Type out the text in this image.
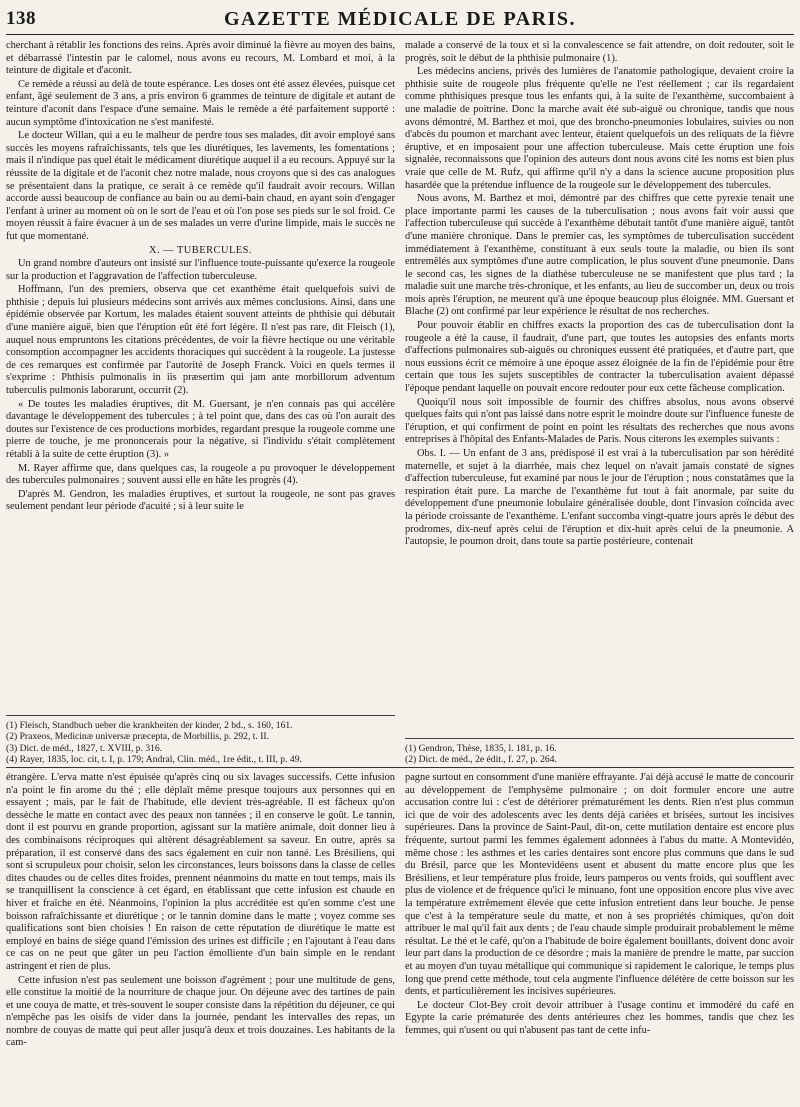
138	GAZETTE MÉDICALE DE PARIS.

cherchant à rétablir les fonctions des reins. Après avoir diminué la fièvre au moyen des bains, et débarrassé l'intestin par le calomel, nous avons eu recours, M. Lombard et moi, à la teinture de digitale et d'aconit.

Ce remède a réussi au delà de toute espérance. Les doses ont été assez élevées, puisque cet enfant, âgé seulement de 3 ans, a pris environ 6 grammes de teinture de digitale et autant de teinture d'aconit dans l'espace d'une semaine. Mais le remède a été parfaitement supporté : aucun symptôme d'intoxication ne s'est manifesté.

Le docteur Willan, qui a eu le malheur de perdre tous ses malades, dit avoir employé sans succès les moyens rafraîchissants, tels que les diurétiques, les lavements, les fomentations ; mais il n'indique pas quel était le médicament diurétique auquel il a eu recours. Appuyé sur la réussite de la digitale et de l'aconit chez notre malade, nous croyons que si des cas analogues se présentaient dans la pratique, ce serait à ce remède qu'il faudrait avoir recours. Willan accorde aussi beaucoup de confiance au bain ou au demi-bain chaud, en ayant soin d'engager l'enfant à uriner au moment où on le sort de l'eau et où l'on pose ses pieds sur le sol froid. Ce moyen réussit à faire évacuer à un de ses malades un verre d'urine limpide, mais le succès ne fut que momentané.

X. — TUBERCULES.

Un grand nombre d'auteurs ont insisté sur l'influence toute-puissante qu'exerce la rougeole sur la production et l'aggravation de l'affection tuberculeuse.

Hoffmann, l'un des premiers, observa que cet exanthème était quelquefois suivi de phthisie ; depuis lui plusieurs médecins sont arrivés aux mêmes conclusions. Ainsi, dans une épidémie observée par Kortum, les malades étaient souvent atteints de phthisie qui débutait d'une manière aiguë, bien que l'éruption eût été fort légère. Il n'est pas rare, dit Fleisch (1), auquel nous empruntons les citations précédentes, de voir la fièvre hectique ou une véritable consomption accompagner les accidents thoraciques qui succèdent à la rougeole. La justesse de ces remarques est confirmée par l'autorité de Joseph Franck. Voici en quels termes il s'exprime : Phthisis pulmonalis in iis præsertim qui jam ante morbillorum adventum tuberculis pulmonis laborarunt, occurrit (2).

« De toutes les maladies éruptives, dit M. Guersant, je n'en connais pas qui accélère davantage le développement des tubercules ; à tel point que, dans des cas où l'on aurait des doutes sur l'existence de ces productions morbides, regardant presque la rougeole comme une pierre de touche, je me prononcerais pour la négative, si l'individu s'était complètement rétabli à la suite de cette éruption (3). »

M. Rayer affirme que, dans quelques cas, la rougeole a pu provoquer le développement des tubercules pulmonaires ; souvent aussi elle en hâte les progrès (4).

D'après M. Gendron, les maladies éruptives, et surtout la rougeole, ne sont pas graves seulement pendant leur période d'acuité ; si à leur suite le

(1) Fleisch, Standbuch ueber die krankheiten der kinder, 2 bd., s. 160, 161.
(2) Praxeos, Medicinæ universæ præcepta, de Morbillis, p. 292, t. II.
(3) Dict. de méd., 1827, t. XVIII, p. 316.
(4) Rayer, 1835, loc. cit, t. I, p. 179; Andral, Clin. méd., 1re édit., t. III, p. 49.

malade a conservé de la toux et si la convalescence se fait attendre, on doit redouter, soit le progrès, soit le début de la phthisie pulmonaire (1).

Les médecins anciens, privés des lumières de l'anatomie pathologique, devaient croire la phthisie suite de rougeole plus fréquente qu'elle ne l'est réellement ; car ils regardaient comme phthisiques presque tous les enfants qui, à la suite de l'exanthème, succombaient à une maladie de poitrine. Donc la marche avait été sub-aiguë ou chronique, tandis que nous avons démontré, M. Barthez et moi, que des broncho-pneumonies lobulaires, suivies ou non d'abcès du poumon et marchant avec lenteur, étaient quelquefois un des reliquats de la fièvre éruptive, et en imposaient pour une affection tuberculeuse. Mais cette éruption une fois signalée, reconnaissons que l'opinion des auteurs dont nous avons cité les noms est bien plus vraie que celle de M. Rufz, qui affirme qu'il n'y a dans la science aucune proposition plus hasardée que la prétendue influence de la rougeole sur le développement des tubercules.

Nous avons, M. Barthez et moi, démontré par des chiffres que cette pyrexie tenait une place importante parmi les causes de la tuberculisation ; nous avons fait voir aussi que l'affection tuberculeuse qui succède à l'exanthème débutait tantôt d'une manière aiguë, tantôt d'une manière chronique. Dans le premier cas, les symptômes de tuberculisation succèdent immédiatement à l'exanthème, constituant à eux seuls toute la maladie, ou bien ils sont entremêlés aux symptômes d'une autre complication, le plus souvent d'une pneumonie. Dans le second cas, les signes de la diathèse tuberculeuse ne se manifestent que plus tard ; la maladie suit une marche très-chronique, et les enfants, au lieu de succomber un, deux ou trois mois après l'éruption, ne meurent qu'à une époque beaucoup plus éloignée. MM. Guersant et Blache (2) ont confirmé par leur expérience le résultat de nos recherches.

Pour pouvoir établir en chiffres exacts la proportion des cas de tuberculisation dont la rougeole a été la cause, il faudrait, d'une part, que toutes les autopsies des enfants morts d'affections pulmonaires sub-aiguës ou chroniques eussent été pratiquées, et d'autre part, que nous eussions écrit ce mémoire à une époque assez éloignée de la fin de l'épidémie pour être certain que tous les sujets susceptibles de contracter la tuberculisation avaient dépassé l'époque pendant laquelle on pouvait encore redouter pour eux cette fâcheuse complication.

Quoiqu'il nous soit impossible de fournir des chiffres absolus, nous avons observé quelques faits qui n'ont pas laissé dans notre esprit le moindre doute sur l'influence funeste de l'éruption, et qui confirment de point en point les résultats des recherches que nous avons entreprises à l'hôpital des Enfants-Malades de Paris. Nous citerons les exemples suivants :

Obs. I. — Un enfant de 3 ans, prédisposé il est vrai à la tuberculisation par son hérédité maternelle, et sujet à la diarrhée, mais chez lequel on n'avait jamais constaté de signes d'affection tuberculeuse, fut examiné par nous le jour de l'éruption ; nous constatâmes que la respiration était pure. La marche de l'exanthème fut tout à fait anormale, par suite du développement d'une pneumonie lobulaire généralisée double, dont l'invasion coïncida avec la période croissante de l'exanthème. L'enfant succomba vingt-quatre jours après le début des prodromes, dix-neuf après celui de l'éruption et dix-huit après celui de la pneumonie. A l'autopsie, le poumon droit, dans toute sa partie postérieure, contenait

(1) Gendron, Thèse, 1835, l. 181, p. 16.
(2) Dict. de méd., 2e édit., f. 27, p. 264.

étrangère. L'erva matte n'est épuisée qu'après cinq ou six lavages successifs. Cette infusion n'a point le fin arome du thé ; elle déplaît même presque toujours aux personnes qui en essayent ; mais, par le fait de l'habitude, elle devient très-agréable. Il est fâcheux qu'on dessèche le matte en contact avec des peaux non tannées ; il en conserve le goût. Le tannin, dont il est pourvu en grande proportion, agissant sur la matière animale, doit donner lieu à des combinaisons réciproques qui altèrent désagréablement sa saveur. En outre, après sa préparation, il est conservé dans des sacs également en cuir non tanné. Les Brésiliens, qui sont si scrupuleux pour choisir, selon les circonstances, leurs boissons dans la classe de celles dites chaudes ou de celles dites froides, prennent néanmoins du matte en tout temps, mais ils se tranquillisent la conscience à cet égard, en établissant que cette infusion est chaude en hiver et fraîche en été. Néanmoins, l'opinion la plus accréditée est qu'en somme c'est une boisson rafraîchissante et diurétique ; or le tannin domine dans le matte ; voyez comme ses qualifications sont bien choisies ! En raison de cette réputation de diurétique le matte est employé en bains de siége quand l'émission des urines est difficile ; en l'ajoutant à l'eau dans ce cas on ne peut que gâter un peu l'action émolliente d'un bain simple en le rendant astringent et rien de plus.

Cette infusion n'est pas seulement une boisson d'agrément ; pour une multitude de gens, elle constitue la moitié de la nourriture de chaque jour. On déjeune avec des tartines de pain et une couya de matte, et très-souvent le souper consiste dans la répétition du déjeuner, ce qui n'empêche pas les oisifs de vider dans la journée, pendant les intervalles des repas, un nombre de couyas de matte qui peut aller jusqu'à deux et trois douzaines. Les habitants de la cam-

pagne surtout en consomment d'une manière effrayante. J'ai déjà accusé le matte de concourir au développement de l'emphysème pulmonaire ; on doit formuler encore une autre accusation contre lui : c'est de détériorer prématurément les dents. Rien n'est plus commun ici que de voir des adolescents avec les dents déjà cariées et brisées, surtout les incisives supérieures. Dans la province de Saint-Paul, dit-on, cette mutilation dentaire est encore plus fréquente, surtout parmi les femmes également adonnées à l'abus du matte. A Montevidéo, même chose : les asthmes et les caries dentaires sont encore plus communs que dans le sud du Brésil, parce que les Montevidéens usent et abusent du matte encore plus que les Brésiliens, et leur température plus froide, leurs pamperos ou vents froids, qui soufflent avec plus de violence et de fréquence qu'ici le minuano, font une opposition encore plus vive avec la température extrêmement élevée que cette infusion entretient dans leur bouche. Je pense que c'est à la température seule du matte, et non à ses propriétés chimiques, qu'on doit attribuer le mal qu'il fait aux dents ; de l'eau chaude simple produirait probablement le même résultat. Le thé et le café, qu'on a l'habitude de boire également bouillants, doivent donc avoir leur part dans la production de ce désordre ; mais la manière de prendre le matte, par succion et au moyen d'un tuyau métallique qui communique si rapidement le calorique, le temps plus long que prend cette méthode, tout cela augmente l'influence délétère de cette boisson sur les dents, et particulièrement les incisives supérieures.

Le docteur Clot-Bey croit devoir attribuer à l'usage continu et immodéré du café en Egypte la carie prématurée des dents antérieures chez les hommes, tandis que chez les femmes, qui n'usent ou qui n'abusent pas tant de cette infu-
